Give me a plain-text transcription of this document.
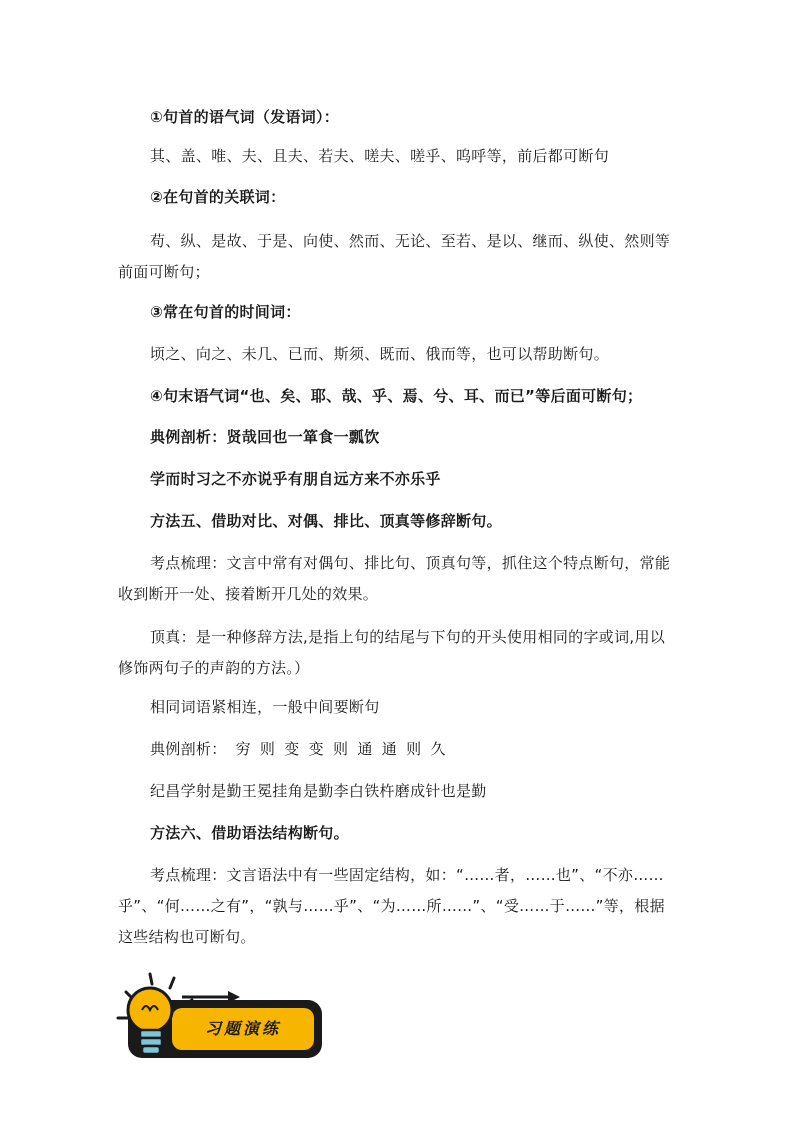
①句首的语气词（发语词）：
其、盖、唯、夫、且夫、若夫、嗟夫、嗟乎、呜呼等，前后都可断句
②在句首的关联词：
苟、纵、是故、于是、向使、然而、无论、至若、是以、继而、纵使、然则等前面可断句；
③常在句首的时间词：
顷之、向之、未几、已而、斯须、既而、俄而等，也可以帮助断句。
④句末语气词“也、矣、耶、哉、乎、焉、兮、耳、而已”等后面可断句；
典例剖析：贤哉回也一箪食一瓢饮
学而时习之不亦说乎有朋自远方来不亦乐乎
方法五、借助对比、对偶、排比、顶真等修辞断句。
考点梳理：文言中常有对偶句、排比句、顶真句等，抓住这个特点断句，常能收到断开一处、接着断开几处的效果。
顶真：是一种修辞方法,是指上句的结尾与下句的开头使用相同的字或词,用以修饰两句子的声韵的方法。）
相同词语紧相连，一般中间要断句
典例剖析： 穷 则 变 变 则 通 通 则 久
纪昌学射是勤王冕挂角是勤李白铁杵磨成针也是勤
方法六、借助语法结构断句。
考点梳理：文言语法中有一些固定结构，如：“……者，……也”、“不亦……乎”、“何……之有”，“孰与……乎”、“为……所……”、“受……于……”等，根据这些结构也可断句。
习题演练
